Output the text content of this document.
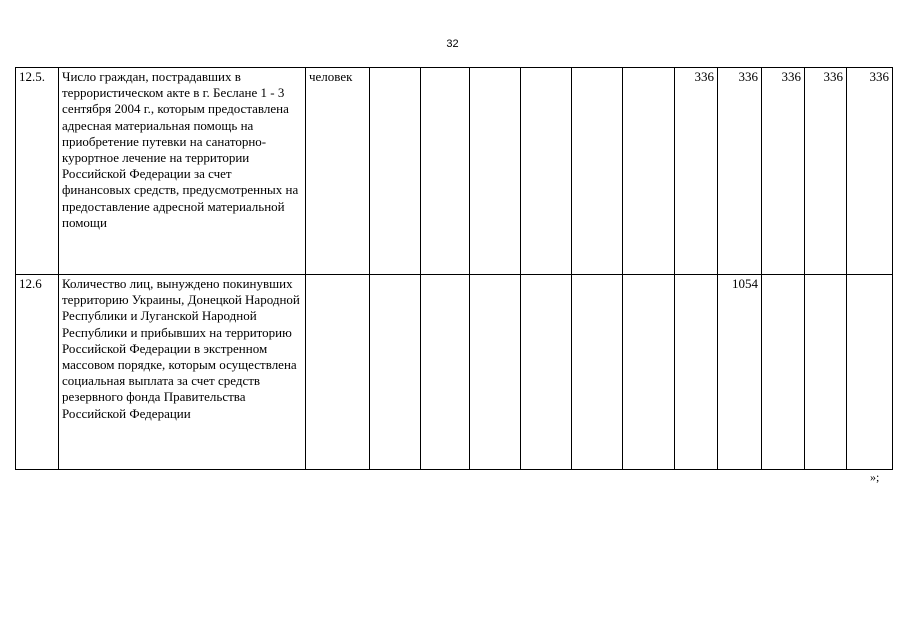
32
12.5.	Число граждан, пострадавших в террористическом акте в г. Беслане 1 - 3 сентября 2004 г., которым предоставлена адресная материальная помощь на приобретение путевки на санаторно-курортное лечение на территории Российской Федерации за счет финансовых средств, предусмотренных на предоставление адресной материальной помощи	человек							336	336	336	336	336
12.6	Количество лиц, вынуждено покинувших территорию Украины, Донецкой Народной Республики и Луганской Народной Республики и прибывших на территорию Российской Федерации в экстренном массовом порядке, которым осуществлена социальная выплата за счет средств резервного фонда Правительства Российской Федерации									1054			
»;
